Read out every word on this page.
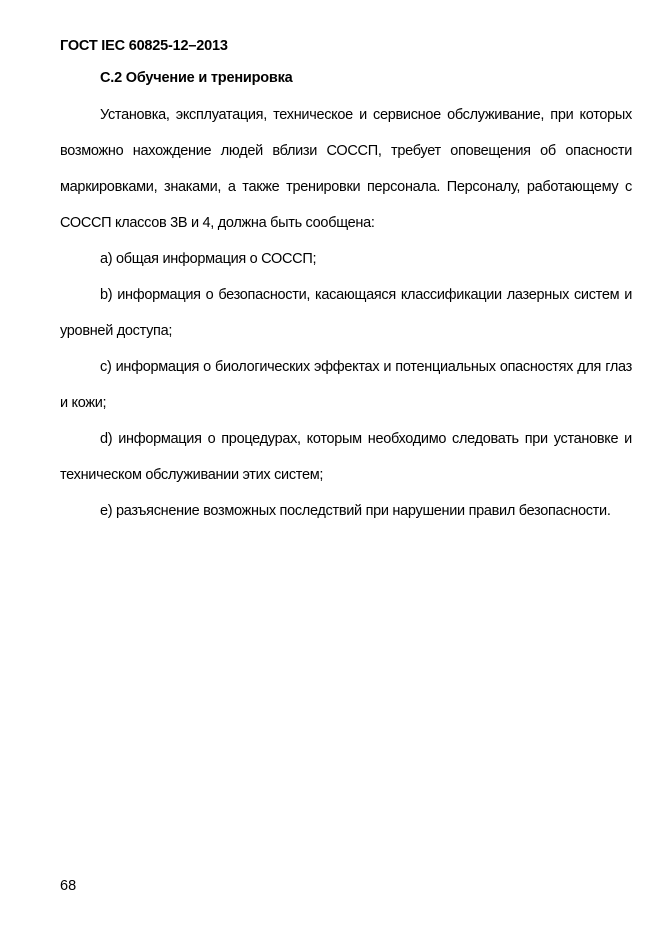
ГОСТ IEC 60825-12–2013
С.2 Обучение и тренировка

Установка, эксплуатация, техническое и сервисное обслуживание, при которых возможно нахождение людей вблизи СОССП, требует оповещения об опасности маркировками, знаками, а также тренировки персонала. Персоналу, работающему с СОССП классов 3В и 4, должна быть сообщена:

a) общая информация о СОССП;

b) информация о безопасности, касающаяся классификации лазерных систем и уровней доступа;

c) информация о биологических эффектах и потенциальных опасностях для глаз и кожи;

d) информация о процедурах, которым необходимо следовать при установке и техническом обслуживании этих систем;

e) разъяснение возможных последствий при нарушении правил безопасности.

68
